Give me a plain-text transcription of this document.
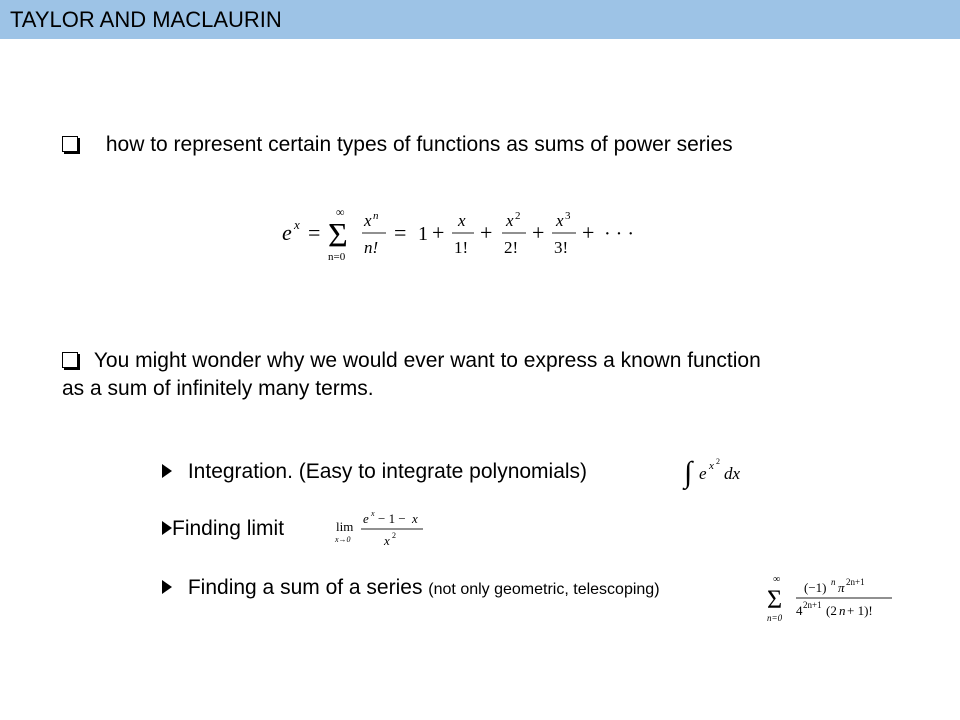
TAYLOR AND MACLAURIN
how to represent certain types of functions as sums of power series
e x =
∞
Σ
n=0
x n
n!
= 1 + x
1!
+ x 2
2!
+ x 3
3!
+ · · ·
You might wonder why we would ever want to express a known function
as a sum of infinitely many terms.
Integration. (Easy to integrate polynomials)	∫ e x 2
dx
Finding limit	lim
x→0
e x − 1 − x
x 2
Finding a sum of a series (not only geometric, telescoping)
∞
Σ
n=0
(−1) n π 2n+1
4 2n+1 (2 n + 1)!
